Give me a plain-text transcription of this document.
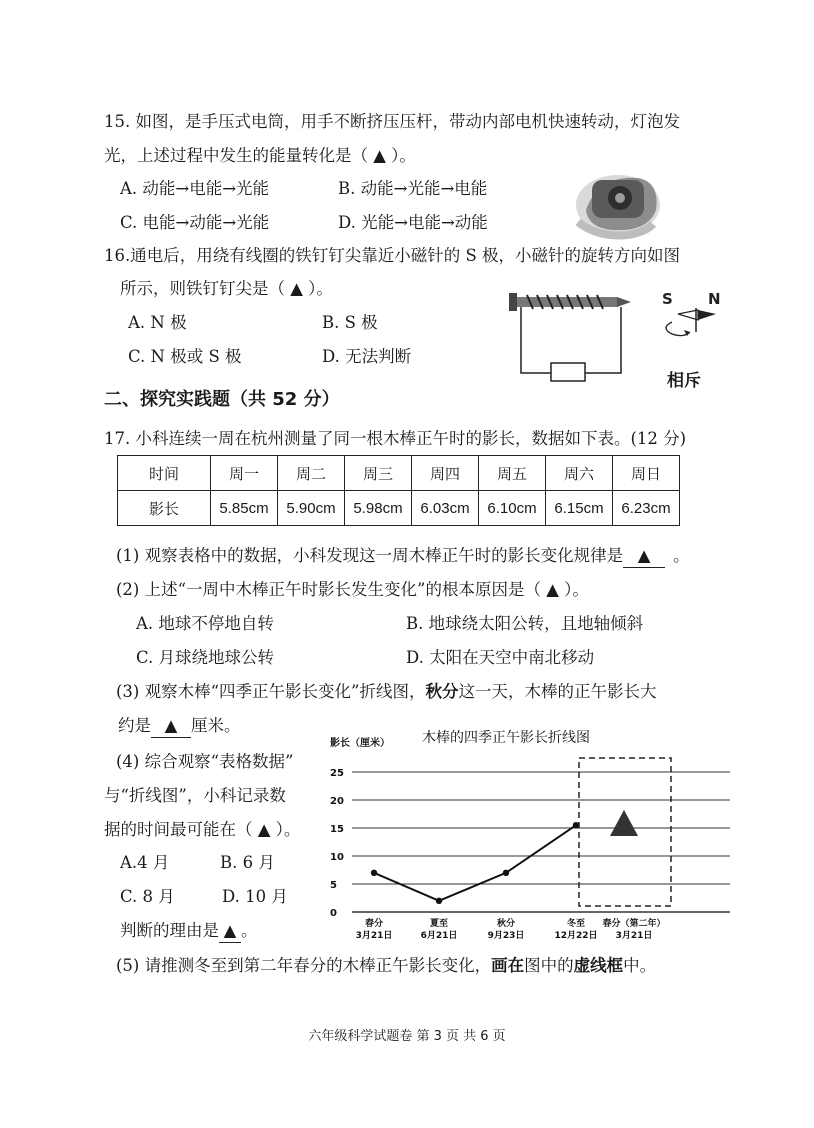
15. 如图，是手压式电筒，用手不断挤压压杆，带动内部电机快速转动，灯泡发
光，上述过程中发生的能量转化是（ ▲ ）。
A. 动能→电能→光能	B. 动能→光能→电能
C. 电能→动能→光能	D. 光能→电能→动能
16.通电后，用绕有线圈的铁钉钉尖靠近小磁针的 S 极，小磁针的旋转方向如图
所示，则铁钉钉尖是（ ▲ ）。
A. N 极	B. S 极
C. N 极或 S 极	D. 无法判断
S N
相斥
二、探究实践题（共 52 分）
17. 小科连续一周在杭州测量了同一根木棒正午时的影长，数据如下表。(12 分)
时间	周一	周二	周三	周四	周五	周六	周日
影长	5.85cm	5.90cm	5.98cm	6.03cm	6.10cm	6.15cm	6.23cm
(1) 观察表格中的数据，小科发现这一周木棒正午时的影长变化规律是 ▲ 。
(2) 上述“一周中木棒正午时影长发生变化”的根本原因是（ ▲ ）。
A. 地球不停地自转	B. 地球绕太阳公转，且地轴倾斜
C. 月球绕地球公转	D. 太阳在天空中南北移动
(3) 观察木棒“四季正午影长变化”折线图，秋分这一天，木棒的正午影长大
约是 ▲ 厘米。
(4) 综合观察“表格数据”
与“折线图”，小科记录数
据的时间最可能在（ ▲ ）。
A.4 月	B. 6 月
C. 8 月	D. 10 月
判断的理由是 ▲ 。
(5) 请推测冬至到第二年春分的木棒正午影长变化，画在图中的虚线框中。
木棒的四季正午影长折线图
影长（厘米）
0
5
10
15
20
25
春分
3月21日
夏至
6月21日
秋分
9月23日
冬至
12月22日
春分（第二年）
3月21日
六年级科学试题卷 第 3 页 共 6 页
